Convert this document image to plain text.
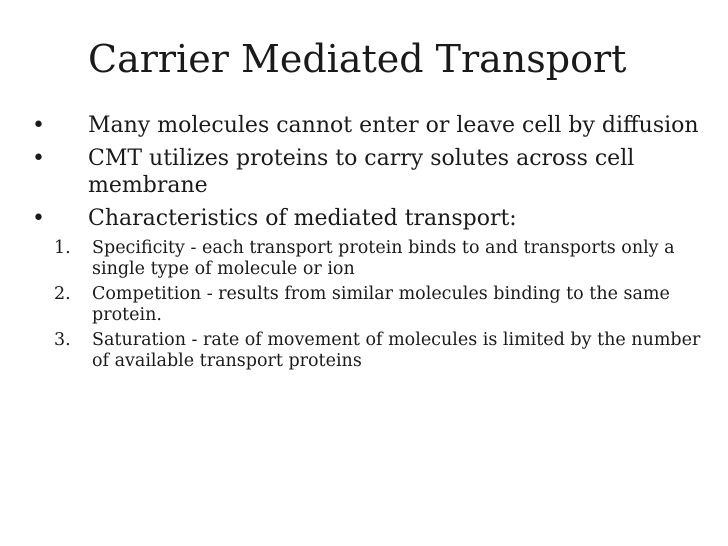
Carrier Mediated Transport
•	Many molecules cannot enter or leave cell by diffusion
•	CMT utilizes proteins to carry solutes across cell membrane
•	Characteristics of mediated transport:
1.	Specificity - each transport protein binds to and transports only a single type of molecule or ion
2.	Competition - results from similar molecules binding to the same protein.
3.	Saturation - rate of movement of molecules is limited by the number of available transport proteins
